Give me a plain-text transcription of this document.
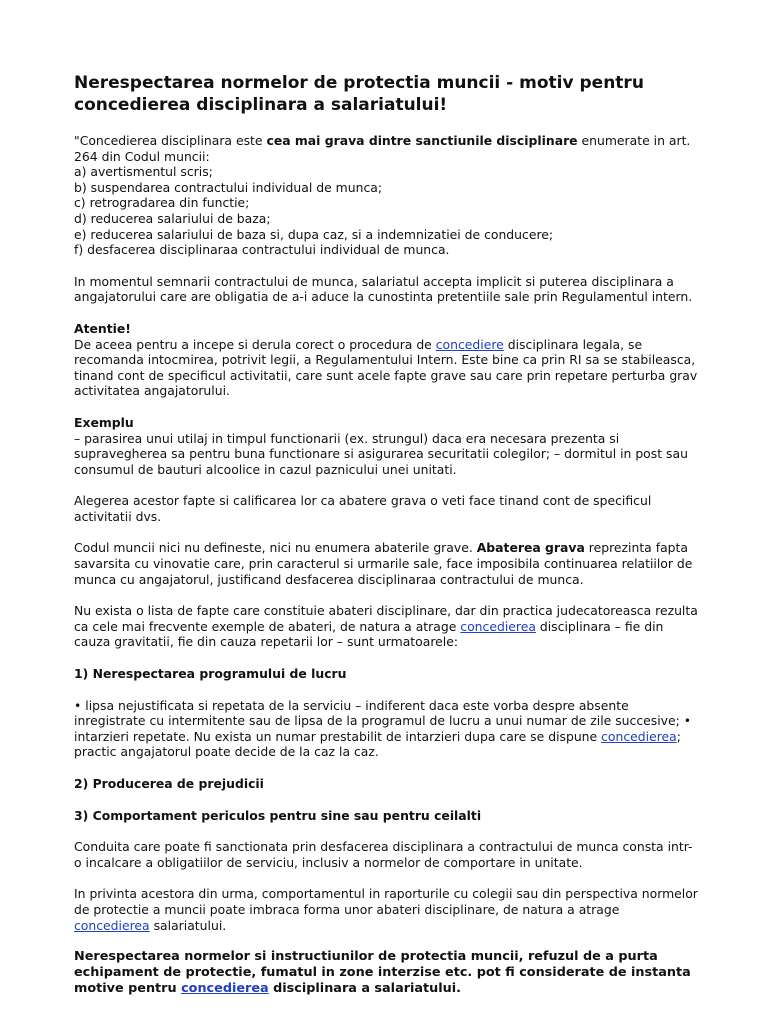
Nerespectarea normelor de protectia muncii - motiv pentru concedierea disciplinara a salariatului!

"Concedierea disciplinara este cea mai grava dintre sanctiunile disciplinare enumerate in art. 264 din Codul muncii:
a) avertismentul scris;
b) suspendarea contractului individual de munca;
c) retrogradarea din functie;
d) reducerea salariului de baza;
e) reducerea salariului de baza si, dupa caz, si a indemnizatiei de conducere;
f) desfacerea disciplinaraa contractului individual de munca.

In momentul semnarii contractului de munca, salariatul accepta implicit si puterea disciplinara a angajatorului care are obligatia de a-i aduce la cunostinta pretentiile sale prin Regulamentul intern.

Atentie!
De aceea pentru a incepe si derula corect o procedura de concediere disciplinara legala, se recomanda intocmirea, potrivit legii, a Regulamentului Intern. Este bine ca prin RI sa se stabileasca, tinand cont de specificul activitatii, care sunt acele fapte grave sau care prin repetare perturba grav activitatea angajatorului.

Exemplu
– parasirea unui utilaj in timpul functionarii (ex. strungul) daca era necesara prezenta si supravegherea sa pentru buna functionare si asigurarea securitatii colegilor; – dormitul in post sau consumul de bauturi alcoolice in cazul paznicului unei unitati.

Alegerea acestor fapte si calificarea lor ca abatere grava o veti face tinand cont de specificul activitatii dvs.

Codul muncii nici nu defineste, nici nu enumera abaterile grave. Abaterea grava reprezinta fapta savarsita cu vinovatie care, prin caracterul si urmarile sale, face imposibila continuarea relatiilor de munca cu angajatorul, justificand desfacerea disciplinaraa contractului de munca.

Nu exista o lista de fapte care constituie abateri disciplinare, dar din practica judecatoreasca rezulta ca cele mai frecvente exemple de abateri, de natura a atrage concedierea disciplinara – fie din cauza gravitatii, fie din cauza repetarii lor – sunt urmatoarele:

1) Nerespectarea programului de lucru

• lipsa nejustificata si repetata de la serviciu – indiferent daca este vorba despre absente inregistrate cu intermitente sau de lipsa de la programul de lucru a unui numar de zile succesive; • intarzieri repetate. Nu exista un numar prestabilit de intarzieri dupa care se dispune concedierea; practic angajatorul poate decide de la caz la caz.

2) Producerea de prejudicii
3) Comportament periculos pentru sine sau pentru ceilalti

Conduita care poate fi sanctionata prin desfacerea disciplinara a contractului de munca consta intr-o incalcare a obligatiilor de serviciu, inclusiv a normelor de comportare in unitate.

In privinta acestora din urma, comportamentul in raporturile cu colegii sau din perspectiva normelor de protectie a muncii poate imbraca forma unor abateri disciplinare, de natura a atrage concedierea salariatului.

Nerespectarea normelor si instructiunilor de protectia muncii, refuzul de a purta echipament de protectie, fumatul in zone interzise etc. pot fi considerate de instanta motive pentru concedierea disciplinara a salariatului.
